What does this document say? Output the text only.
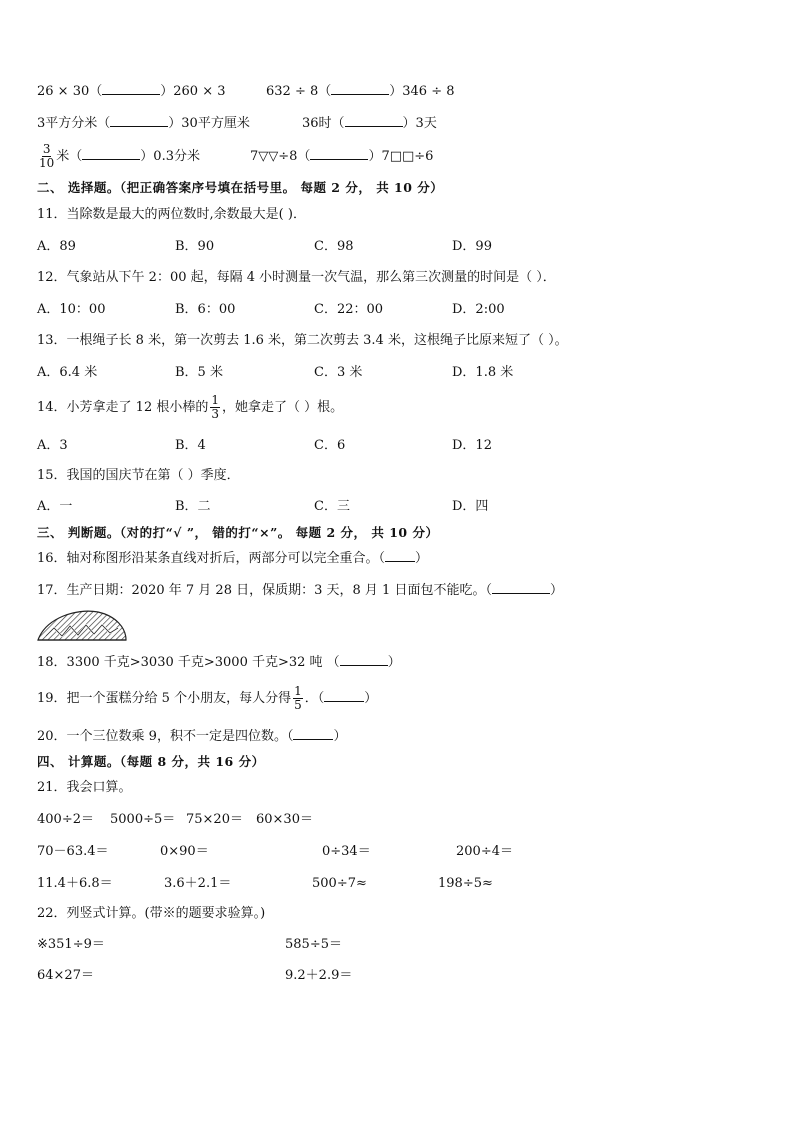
26 × 30（	）260 × 3	632 ÷ 8（	）346 ÷ 8
3平方分米（	）30平方厘米	36时（	）3天
$\frac{3}{10}$ 米（	）0.3分米	7▽▽÷8（	）7□□÷6
二、 选择题。（把正确答案序号填在括号里。 每题 2 分， 共 10 分）
11．当除数是最大的两位数时,余数最大是( )．
A．89	B．90	C．98	D．99
12．气象站从下午 2：00 起，每隔 4 小时测量一次气温，那么第三次测量的时间是（ ）．
A．10：00	B．6：00	C．22：00	D．2:00
13．一根绳子长 8 米，第一次剪去 1.6 米，第二次剪去 3.4 米，这根绳子比原来短了（ ）。
A．6.4 米	B．5 米	C．3 米	D．1.8 米
14．小芳拿走了 12 根小棒的 $\frac{1}{3}$ ，她拿走了（ ）根。
A．3	B．4	C．6	D．12
15．我国的国庆节在第（ ）季度．
A．一	B．二	C．三	D．四
三、 判断题。（对的打“√ ”， 错的打“×”。 每题 2 分， 共 10 分）
16．轴对称图形沿某条直线对折后，两部分可以完全重合。（ ）
17．生产日期：2020 年 7 月 28 日，保质期：3 天，8 月 1 日面包不能吃。（	）
18．3300 千克>3030 千克>3000 千克>32 吨 （	）
19．把一个蛋糕分给 5 个小朋友，每人分得 $\frac{1}{5}$ ．（	）
20．一个三位数乘 9，积不一定是四位数。（	）
四、 计算题。（每题 8 分，共 16 分）
21．我会口算。
400÷2＝ 5000÷5＝ 75×20＝ 60×30＝
70－63.4＝	0×90＝	0÷34＝	200÷4＝
11.4＋6.8＝	3.6＋2.1＝	500÷7≈	198÷5≈
22．列竖式计算。(带※的题要求验算。)
※351÷9＝	585÷5＝
64×27＝	9.2＋2.9＝
